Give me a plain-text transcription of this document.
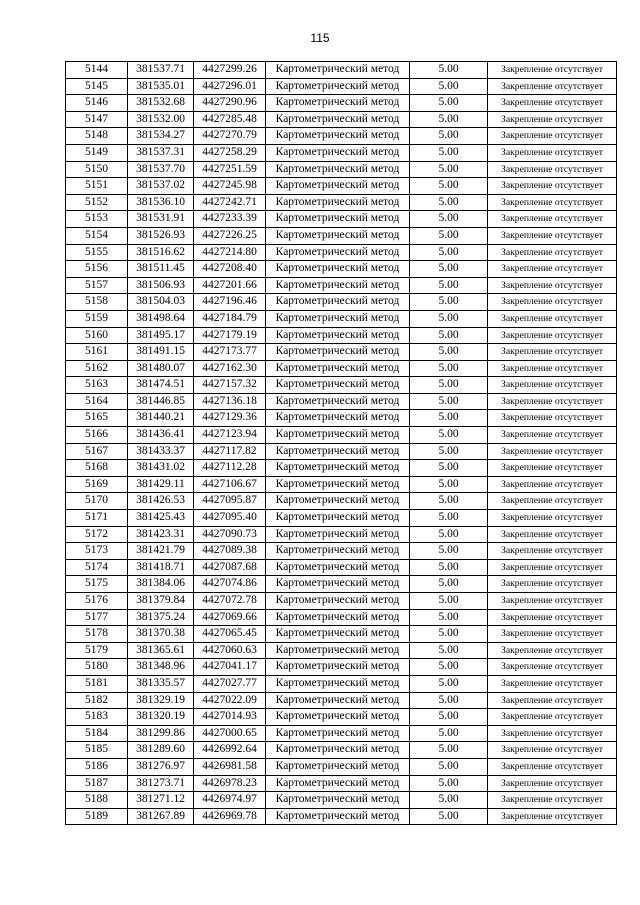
115
5144	381537.71	4427299.26	Картометрический метод	5.00	Закрепление отсутствует
5145	381535.01	4427296.01	Картометрический метод	5.00	Закрепление отсутствует
5146	381532.68	4427290.96	Картометрический метод	5.00	Закрепление отсутствует
5147	381532.00	4427285.48	Картометрический метод	5.00	Закрепление отсутствует
5148	381534.27	4427270.79	Картометрический метод	5.00	Закрепление отсутствует
5149	381537.31	4427258.29	Картометрический метод	5.00	Закрепление отсутствует
5150	381537.70	4427251.59	Картометрический метод	5.00	Закрепление отсутствует
5151	381537.02	4427245.98	Картометрический метод	5.00	Закрепление отсутствует
5152	381536.10	4427242.71	Картометрический метод	5.00	Закрепление отсутствует
5153	381531.91	4427233.39	Картометрический метод	5.00	Закрепление отсутствует
5154	381526.93	4427226.25	Картометрический метод	5.00	Закрепление отсутствует
5155	381516.62	4427214.80	Картометрический метод	5.00	Закрепление отсутствует
5156	381511.45	4427208.40	Картометрический метод	5.00	Закрепление отсутствует
5157	381506.93	4427201.66	Картометрический метод	5.00	Закрепление отсутствует
5158	381504.03	4427196.46	Картометрический метод	5.00	Закрепление отсутствует
5159	381498.64	4427184.79	Картометрический метод	5.00	Закрепление отсутствует
5160	381495.17	4427179.19	Картометрический метод	5.00	Закрепление отсутствует
5161	381491.15	4427173.77	Картометрический метод	5.00	Закрепление отсутствует
5162	381480.07	4427162.30	Картометрический метод	5.00	Закрепление отсутствует
5163	381474.51	4427157.32	Картометрический метод	5.00	Закрепление отсутствует
5164	381446.85	4427136.18	Картометрический метод	5.00	Закрепление отсутствует
5165	381440.21	4427129.36	Картометрический метод	5.00	Закрепление отсутствует
5166	381436.41	4427123.94	Картометрический метод	5.00	Закрепление отсутствует
5167	381433.37	4427117.82	Картометрический метод	5.00	Закрепление отсутствует
5168	381431.02	4427112.28	Картометрический метод	5.00	Закрепление отсутствует
5169	381429.11	4427106.67	Картометрический метод	5.00	Закрепление отсутствует
5170	381426.53	4427095.87	Картометрический метод	5.00	Закрепление отсутствует
5171	381425.43	4427095.40	Картометрический метод	5.00	Закрепление отсутствует
5172	381423.31	4427090.73	Картометрический метод	5.00	Закрепление отсутствует
5173	381421.79	4427089.38	Картометрический метод	5.00	Закрепление отсутствует
5174	381418.71	4427087.68	Картометрический метод	5.00	Закрепление отсутствует
5175	381384.06	4427074.86	Картометрический метод	5.00	Закрепление отсутствует
5176	381379.84	4427072.78	Картометрический метод	5.00	Закрепление отсутствует
5177	381375.24	4427069.66	Картометрический метод	5.00	Закрепление отсутствует
5178	381370.38	4427065.45	Картометрический метод	5.00	Закрепление отсутствует
5179	381365.61	4427060.63	Картометрический метод	5.00	Закрепление отсутствует
5180	381348.96	4427041.17	Картометрический метод	5.00	Закрепление отсутствует
5181	381335.57	4427027.77	Картометрический метод	5.00	Закрепление отсутствует
5182	381329.19	4427022.09	Картометрический метод	5.00	Закрепление отсутствует
5183	381320.19	4427014.93	Картометрический метод	5.00	Закрепление отсутствует
5184	381299.86	4427000.65	Картометрический метод	5.00	Закрепление отсутствует
5185	381289.60	4426992.64	Картометрический метод	5.00	Закрепление отсутствует
5186	381276.97	4426981.58	Картометрический метод	5.00	Закрепление отсутствует
5187	381273.71	4426978.23	Картометрический метод	5.00	Закрепление отсутствует
5188	381271.12	4426974.97	Картометрический метод	5.00	Закрепление отсутствует
5189	381267.89	4426969.78	Картометрический метод	5.00	Закрепление отсутствует
